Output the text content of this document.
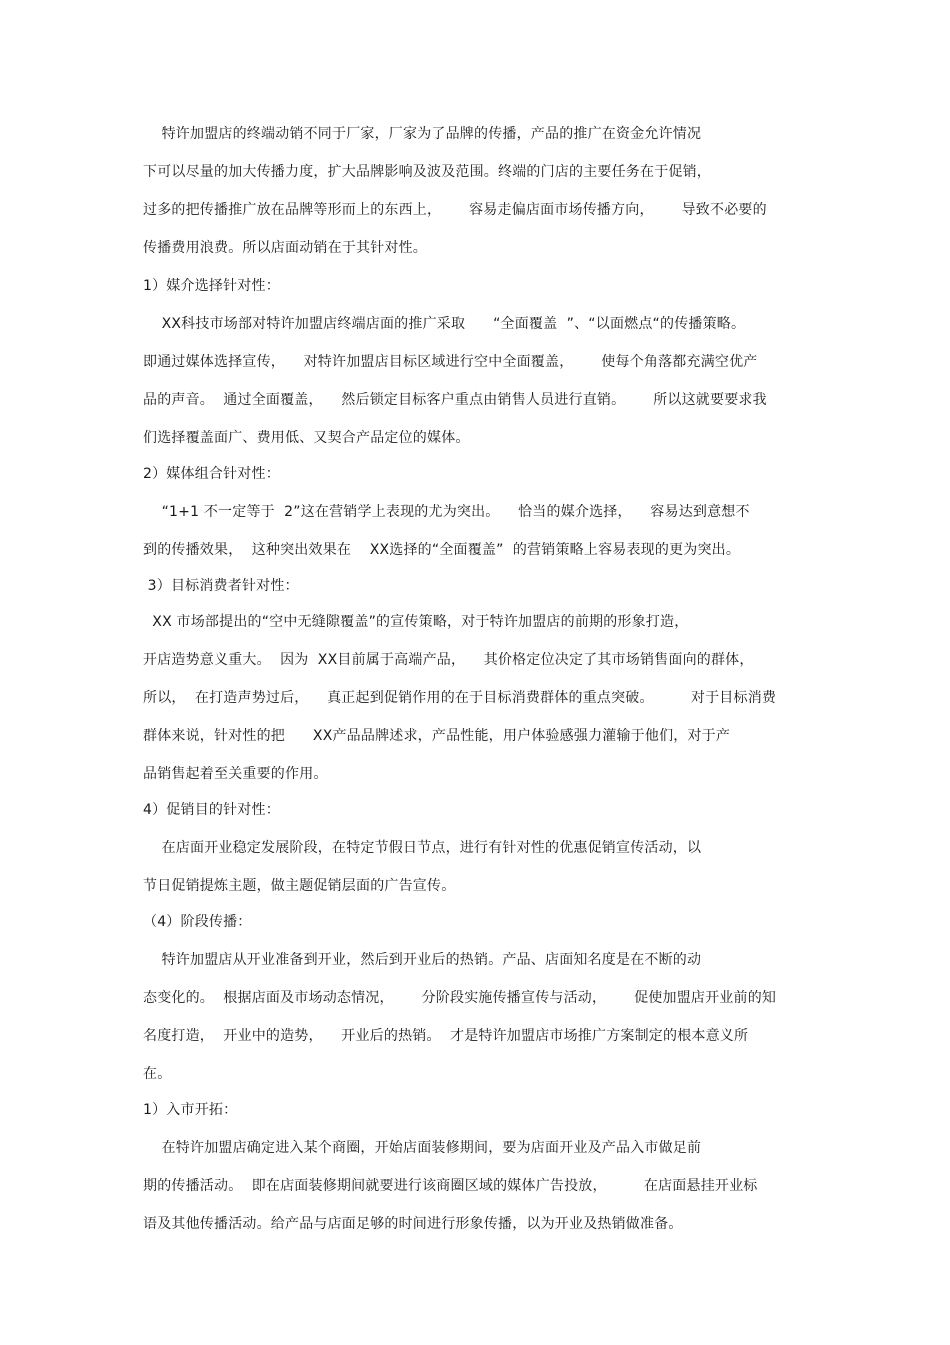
特许加盟店的终端动销不同于厂家，厂家为了品牌的传播，产品的推广在资金允许情况
下可以尽量的加大传播力度，扩大品牌影响及波及范围。终端的门店的主要任务在于促销，
过多的把传播推广放在品牌等形而上的东西上，      容易走偏店面市场传播方向，      导致不必要的
传播费用浪费。所以店面动销在于其针对性。
1）媒介选择针对性：
XX科技市场部对特许加盟店终端店面的推广采取      “全面覆盖  ”、“以面燃点“的传播策略。
即通过媒体选择宣传，    对特许加盟店目标区域进行空中全面覆盖，      使每个角落都充满空优产
品的声音。  通过全面覆盖，    然后锁定目标客户重点由销售人员进行直销。      所以这就要要求我
们选择覆盖面广、费用低、又契合产品定位的媒体。
2）媒体组合针对性：
“1+1 不一定等于  2”这在营销学上表现的尤为突出。    恰当的媒介选择，    容易达到意想不
到的传播效果，  这种突出效果在    XX选择的“全面覆盖”  的营销策略上容易表现的更为突出。
3）目标消费者针对性：
XX 市场部提出的“空中无缝隙覆盖”的宣传策略，对于特许加盟店的前期的形象打造，
开店造势意义重大。  因为  XX目前属于高端产品，    其价格定位决定了其市场销售面向的群体，
所以，  在打造声势过后，    真正起到促销作用的在于目标消费群体的重点突破。        对于目标消费
群体来说，针对性的把      XX产品品牌述求，产品性能，用户体验感强力灌输于他们，对于产
品销售起着至关重要的作用。
4）促销目的针对性：
在店面开业稳定发展阶段，在特定节假日节点，进行有针对性的优惠促销宣传活动，以
节日促销提炼主题，做主题促销层面的广告宣传。
（4）阶段传播：
特许加盟店从开业准备到开业，然后到开业后的热销。产品、店面知名度是在不断的动
态变化的。  根据店面及市场动态情况，      分阶段实施传播宣传与活动，      促使加盟店开业前的知
名度打造，  开业中的造势，    开业后的热销。  才是特许加盟店市场推广方案制定的根本意义所
在。
1）入市开拓：
在特许加盟店确定进入某个商圈，开始店面装修期间，要为店面开业及产品入市做足前
期的传播活动。  即在店面装修期间就要进行该商圈区域的媒体广告投放，        在店面悬挂开业标
语及其他传播活动。给产品与店面足够的时间进行形象传播，以为开业及热销做准备。
